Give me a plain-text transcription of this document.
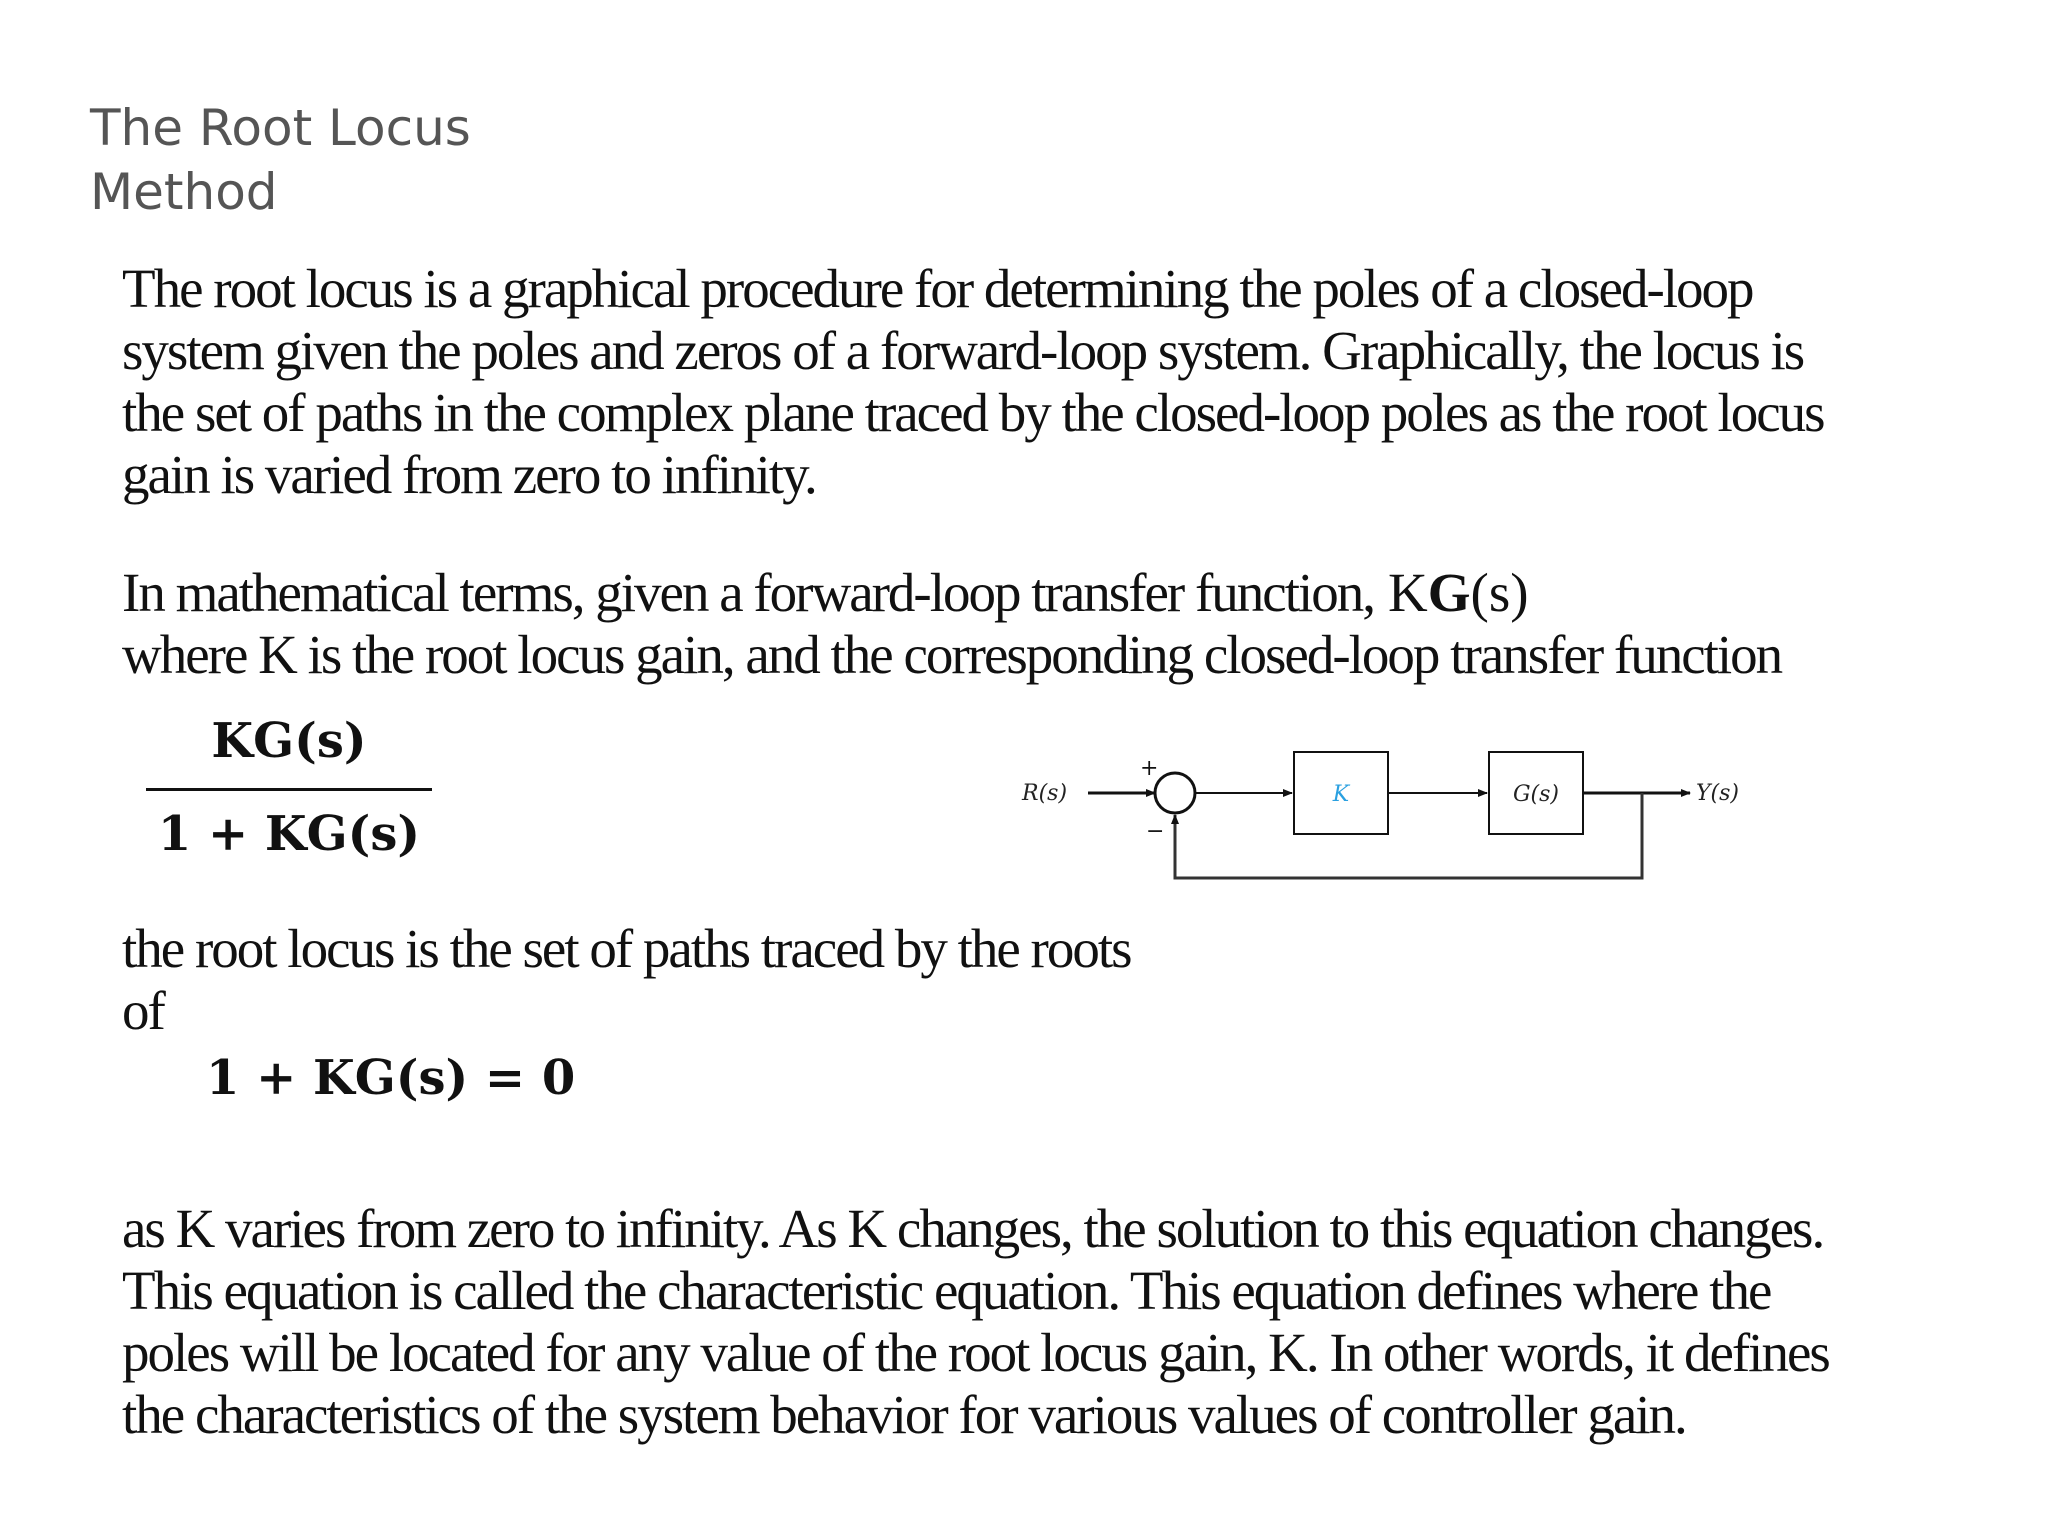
The Root Locus Method

The root locus is a graphical procedure for determining the poles of a closed-loop
system given the poles and zeros of a forward-loop system. Graphically, the locus is
the set of paths in the complex plane traced by the closed-loop poles as the root locus
gain is varied from zero to infinity.

In mathematical terms, given a forward-loop transfer function, KG(s)
where K is the root locus gain, and the corresponding closed-loop transfer function

KG(s)
1 + KG(s)
R(s)
+
−
K	G(s)	Y(s)

the root locus is the set of paths traced by the roots
of

1 + KG(s) = 0

as K varies from zero to infinity. As K changes, the solution to this equation changes.
This equation is called the characteristic equation. This equation defines where the
poles will be located for any value of the root locus gain, K. In other words, it defines
the characteristics of the system behavior for various values of controller gain.
